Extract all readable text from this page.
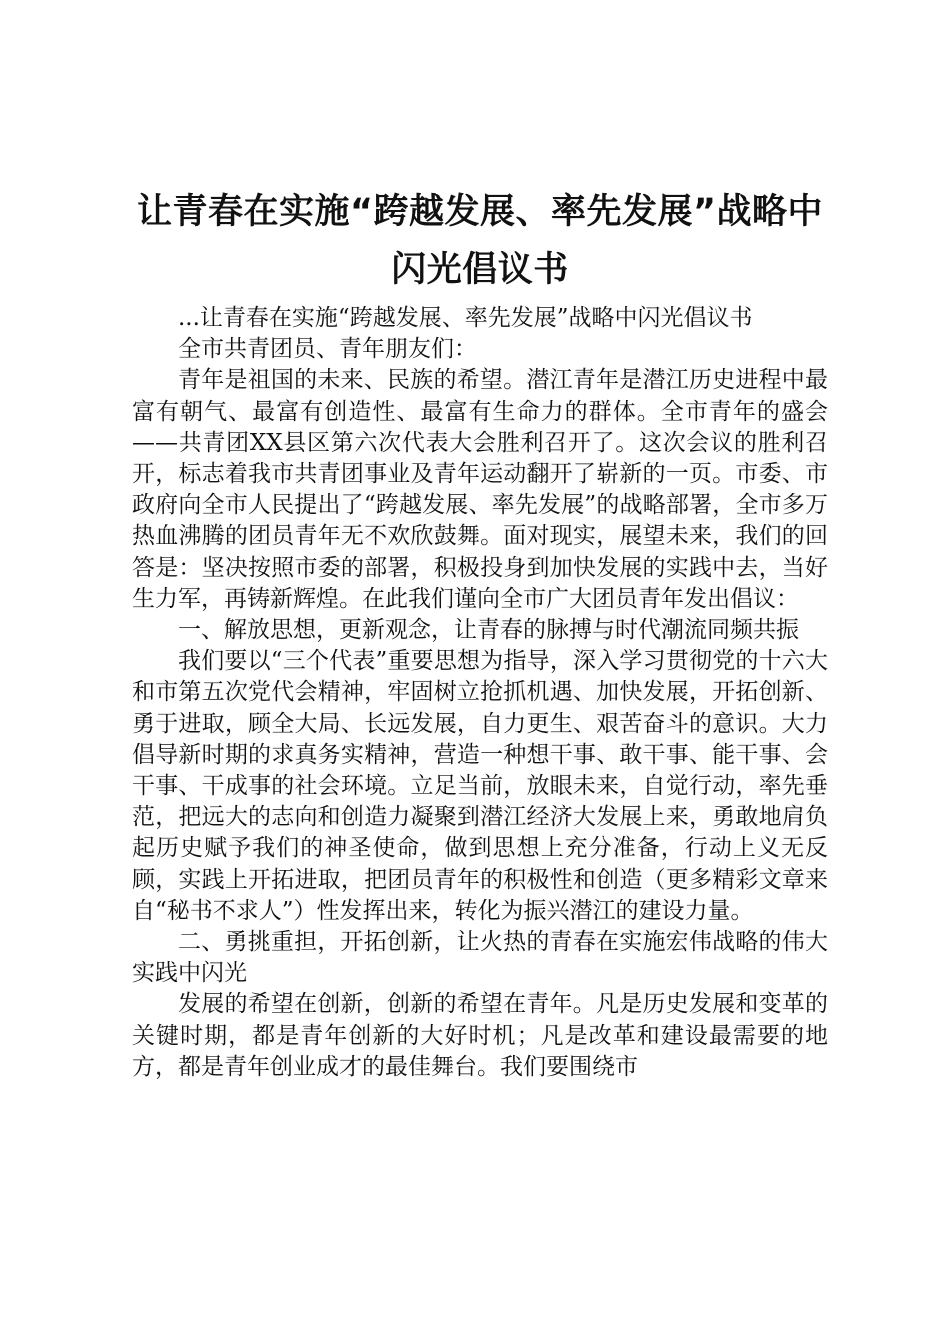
让青春在实施“跨越发展、率先发展”战略中
闪光倡议书

...让青春在实施“跨越发展、率先发展”战略中闪光倡议书

全市共青团员、青年朋友们：

青年是祖国的未来、民族的希望。潜江青年是潜江历史进程中最富有朝气、最富有创造性、最富有生命力的群体。全市青年的盛会——共青团XX县区第六次代表大会胜利召开了。这次会议的胜利召开，标志着我市共青团事业及青年运动翻开了崭新的一页。市委、市政府向全市人民提出了“跨越发展、率先发展”的战略部署，全市多万热血沸腾的团员青年无不欢欣鼓舞。面对现实，展望未来，我们的回答是：坚决按照市委的部署，积极投身到加快发展的实践中去，当好生力军，再铸新辉煌。在此我们谨向全市广大团员青年发出倡议：

一、解放思想，更新观念，让青春的脉搏与时代潮流同频共振

我们要以“三个代表”重要思想为指导，深入学习贯彻党的十六大和市第五次党代会精神，牢固树立抢抓机遇、加快发展，开拓创新、勇于进取，顾全大局、长远发展，自力更生、艰苦奋斗的意识。大力倡导新时期的求真务实精神，营造一种想干事、敢干事、能干事、会干事、干成事的社会环境。立足当前，放眼未来，自觉行动，率先垂范，把远大的志向和创造力凝聚到潜江经济大发展上来，勇敢地肩负起历史赋予我们的神圣使命，做到思想上充分准备，行动上义无反顾，实践上开拓进取，把团员青年的积极性和创造（更多精彩文章来自“秘书不求人”）性发挥出来，转化为振兴潜江的建设力量。

二、勇挑重担，开拓创新，让火热的青春在实施宏伟战略的伟大实践中闪光

发展的希望在创新，创新的希望在青年。凡是历史发展和变革的关键时期，都是青年创新的大好时机；凡是改革和建设最需要的地方，都是青年创业成才的最佳舞台。我们要围绕市
